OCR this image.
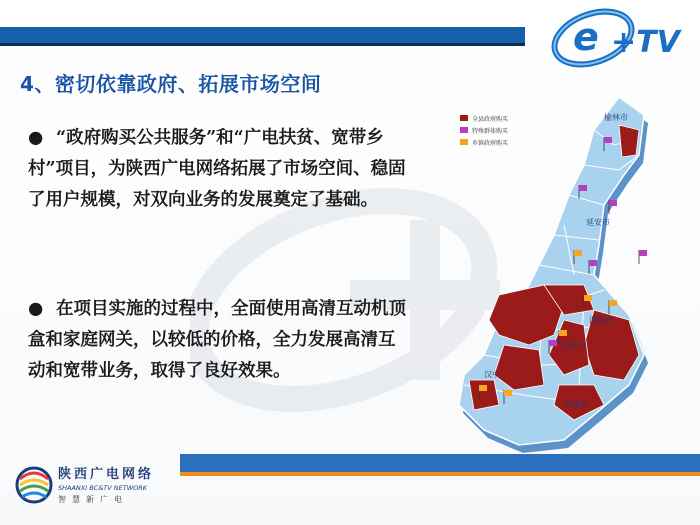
e +TV
4、密切依靠政府、拓展市场空间
● “政府购买公共服务”和“广电扶贫、宽带乡村”项目，为陕西广电网络拓展了市场空间、稳固了用户规模，对双向业务的发展奠定了基础。
● 在项目实施的过程中，全面使用高清互动机顶盒和家庭网关，以较低的价格，全力发展高清互动和宽带业务，取得了良好效果。
榆林市
延安市
渭南市
西安市
安康市
汉中
全县政府购买
特殊群体购买
乡镇政府购买
陕西广电网络
SHAANXI BC&TV NETWORK
智慧新广电
